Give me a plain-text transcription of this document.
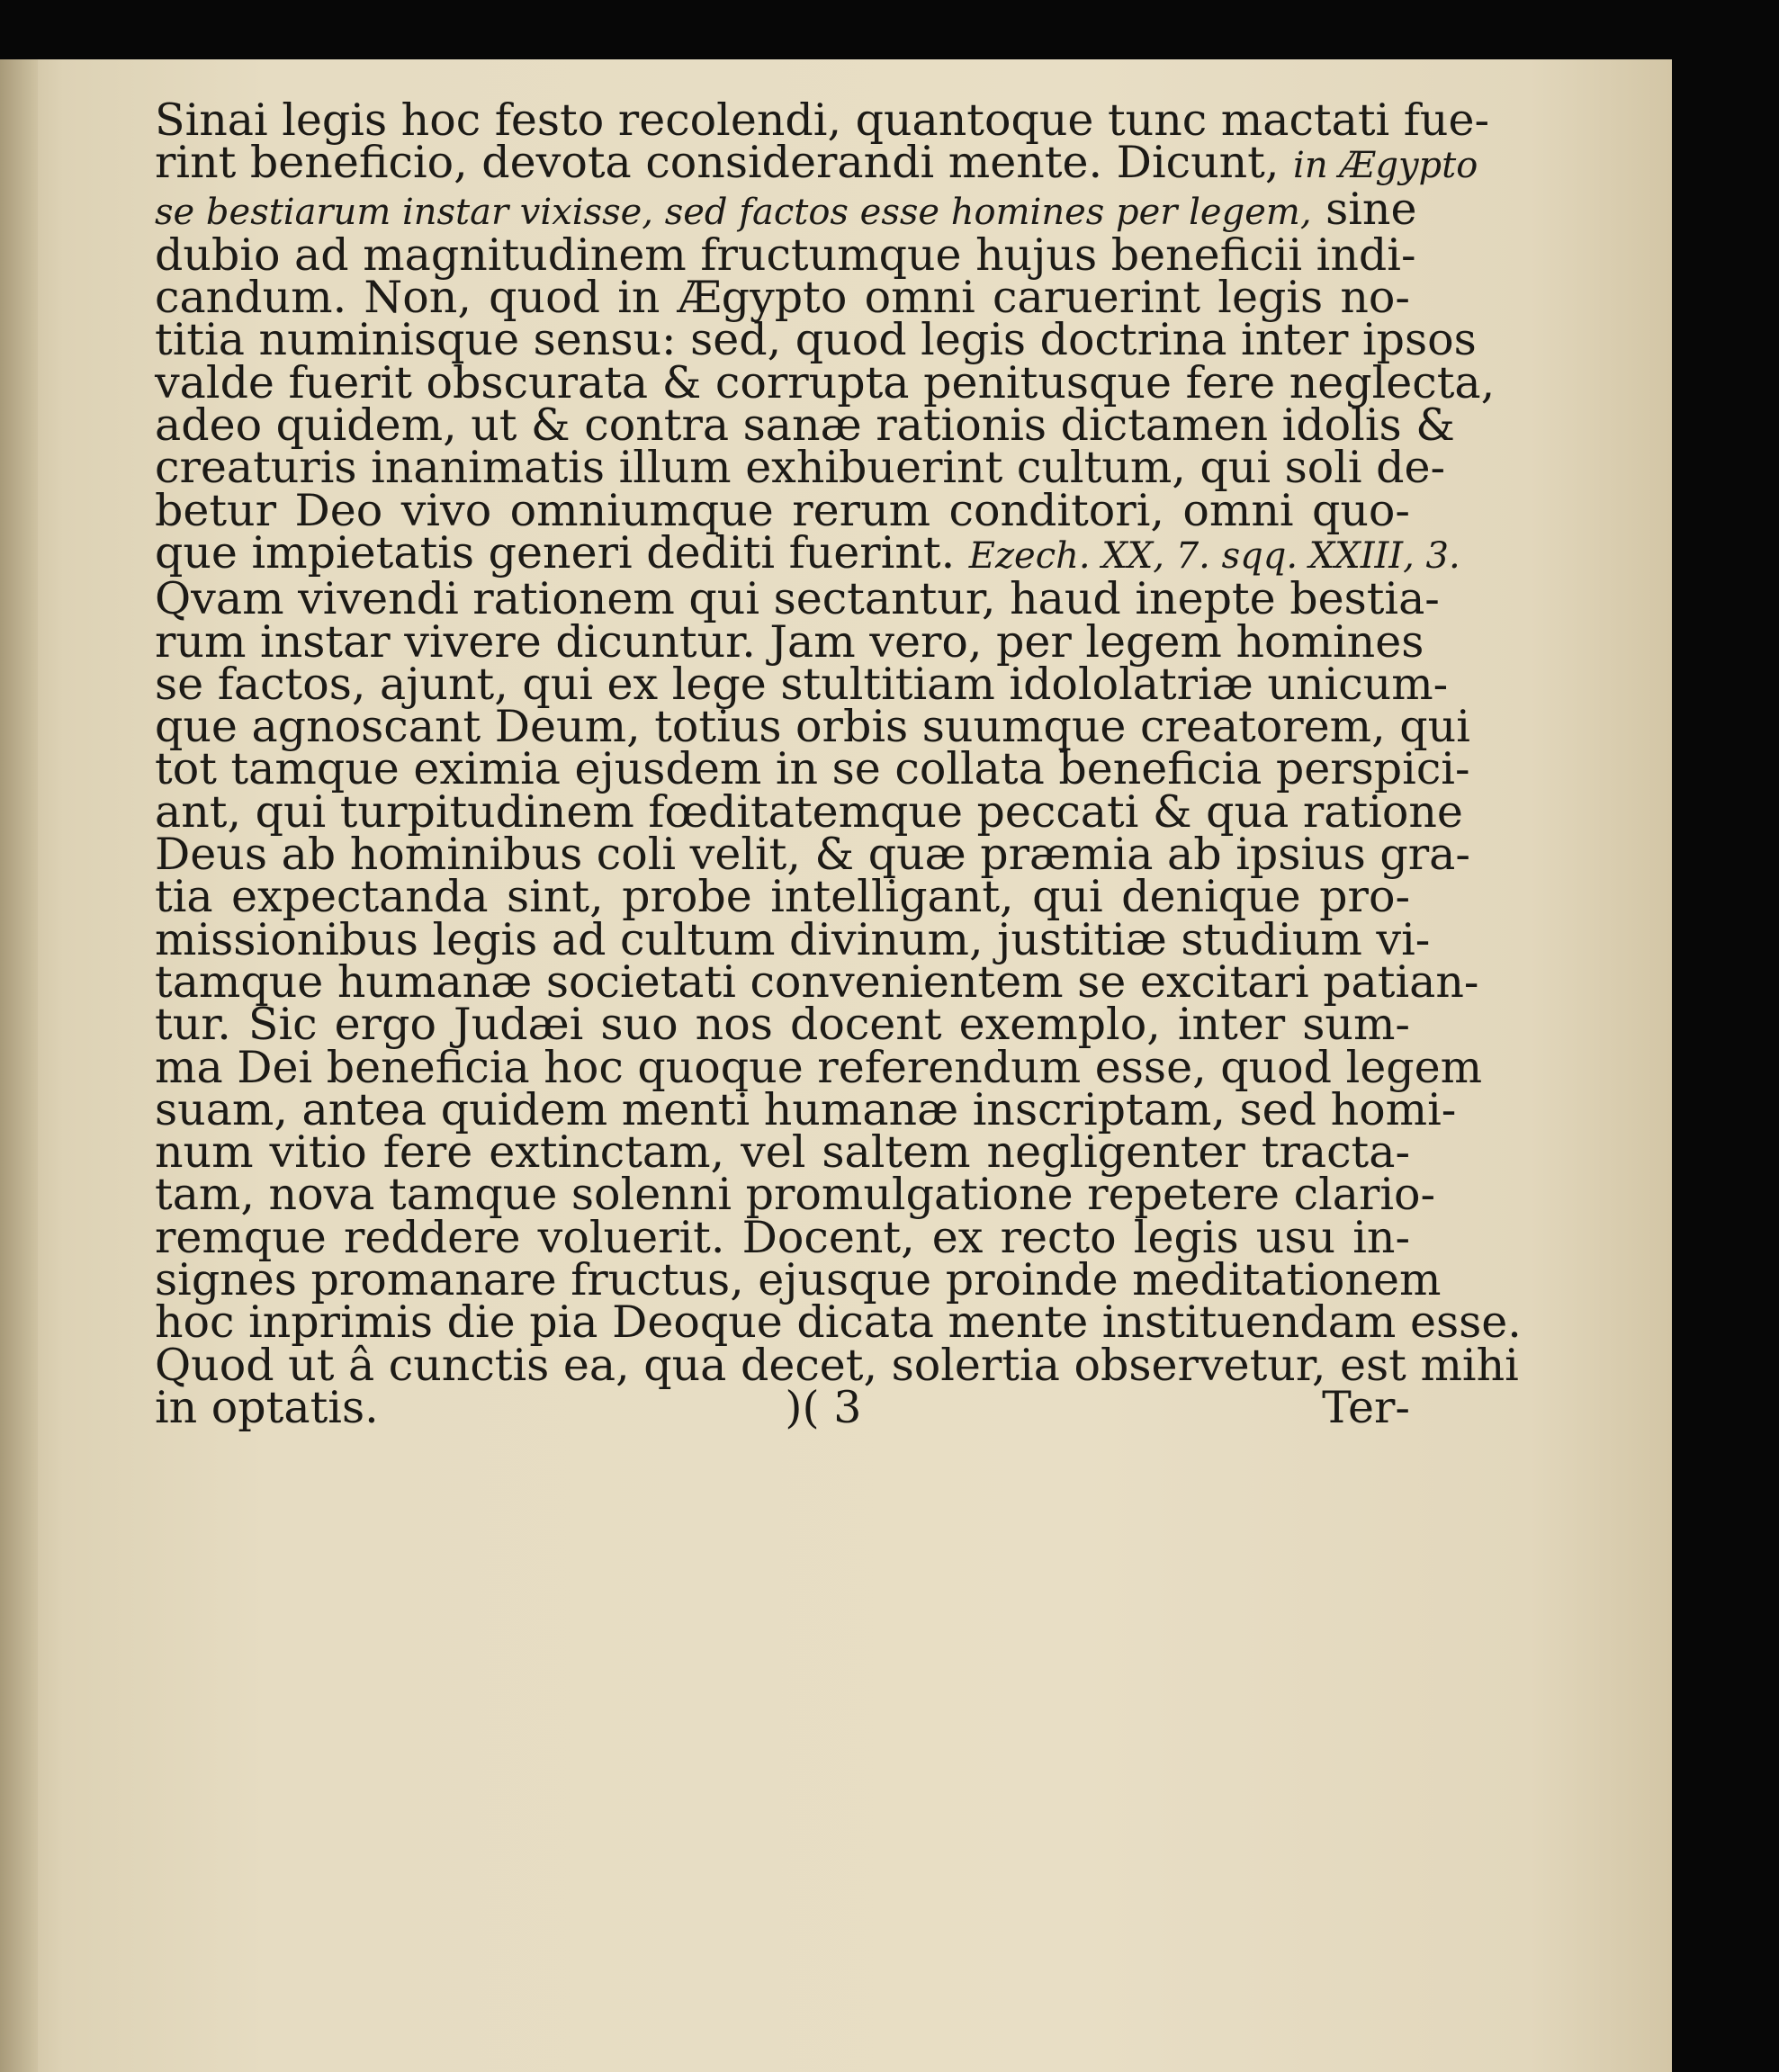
Sinai legis hoc festo recolendi, quantoque tunc mactati fue-
rint beneficio, devota considerandi mente. Dicunt, in Ægypto
se bestiarum instar vixisse, sed factos esse homines per legem, sine
dubio ad magnitudinem fructumque hujus beneficii indi-
candum. Non, quod in Ægypto omni caruerint legis no-
titia numinisque sensu: sed, quod legis doctrina inter ipsos
valde fuerit obscurata & corrupta penitusque fere neglecta,
adeo quidem, ut & contra sanæ rationis dictamen idolis &
creaturis inanimatis illum exhibuerint cultum, qui soli de-
betur Deo vivo omniumque rerum conditori, omni quo-
que impietatis generi dediti fuerint. Ezech. XX, 7. sqq. XXIII, 3.
Qvam vivendi rationem qui sectantur, haud inepte bestia-
rum instar vivere dicuntur. Jam vero, per legem homines
se factos, ajunt, qui ex lege stultitiam idololatriæ unicum-
que agnoscant Deum, totius orbis suumque creatorem, qui
tot tamque eximia ejusdem in se collata beneficia perspici-
ant, qui turpitudinem fœditatemque peccati & qua ratione
Deus ab hominibus coli velit, & quæ præmia ab ipsius gra-
tia expectanda sint, probe intelligant, qui denique pro-
missionibus legis ad cultum divinum, justitiæ studium vi-
tamque humanæ societati convenientem se excitari patian-
tur. Sic ergo Judæi suo nos docent exemplo, inter sum-
ma Dei beneficia hoc quoque referendum esse, quod legem
suam, antea quidem menti humanæ inscriptam, sed homi-
num vitio fere extinctam, vel saltem negligenter tracta-
tam, nova tamque solenni promulgatione repetere clario-
remque reddere voluerit. Docent, ex recto legis usu in-
signes promanare fructus, ejusque proinde meditationem
hoc inprimis die pia Deoque dicata mente instituendam esse.
Quod ut â cunctis ea, qua decet, solertia observetur, est mihi
in optatis.	)( 3	Ter-
